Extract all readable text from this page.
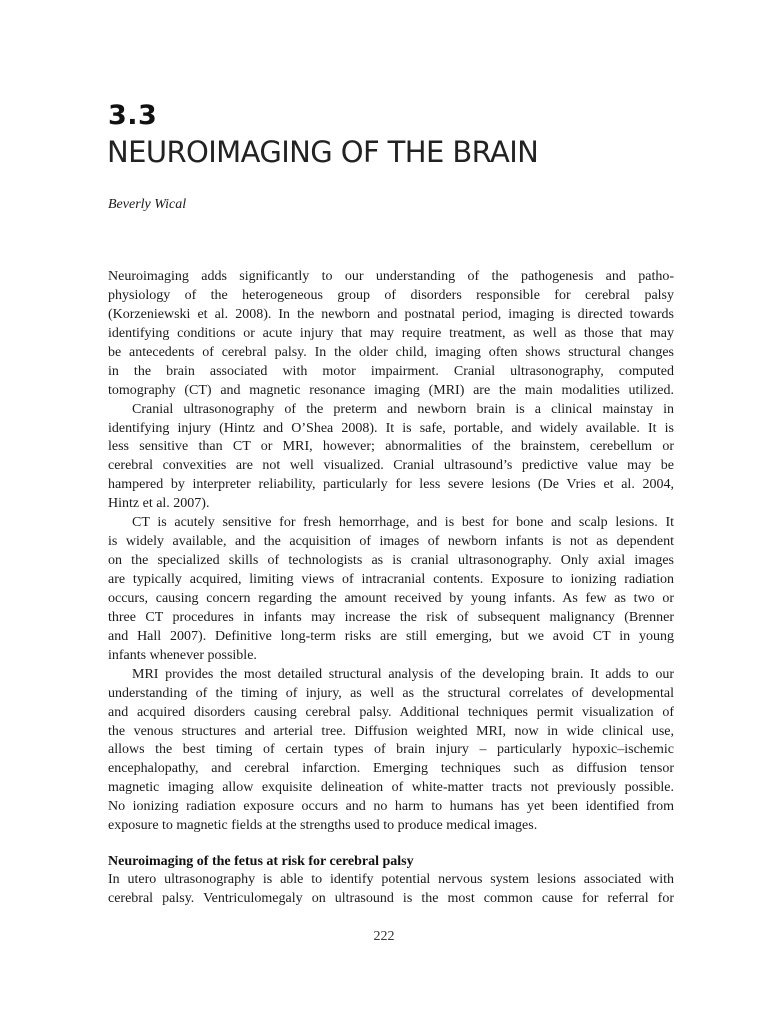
3.3
NEUROIMAGING OF THE BRAIN
Beverly Wical
Neuroimaging adds significantly to our understanding of the pathogenesis and patho-
physiology of the heterogeneous group of disorders responsible for cerebral palsy
(Korzeniewski et al. 2008). In the newborn and postnatal period, imaging is directed towards
identifying conditions or acute injury that may require treatment, as well as those that may
be antecedents of cerebral palsy. In the older child, imaging often shows structural changes
in the brain associated with motor impairment. Cranial ultrasonography, computed
tomography (CT) and magnetic resonance imaging (MRI) are the main modalities utilized.
Cranial ultrasonography of the preterm and newborn brain is a clinical mainstay in
identifying injury (Hintz and O’Shea 2008). It is safe, portable, and widely available. It is
less sensitive than CT or MRI, however; abnormalities of the brainstem, cerebellum or
cerebral convexities are not well visualized. Cranial ultrasound’s predictive value may be
hampered by interpreter reliability, particularly for less severe lesions (De Vries et al. 2004,
Hintz et al. 2007).
CT is acutely sensitive for fresh hemorrhage, and is best for bone and scalp lesions. It
is widely available, and the acquisition of images of newborn infants is not as dependent
on the specialized skills of technologists as is cranial ultrasonography. Only axial images
are typically acquired, limiting views of intracranial contents. Exposure to ionizing radiation
occurs, causing concern regarding the amount received by young infants. As few as two or
three CT procedures in infants may increase the risk of subsequent malignancy (Brenner
and Hall 2007). Definitive long-term risks are still emerging, but we avoid CT in young
infants whenever possible.
MRI provides the most detailed structural analysis of the developing brain. It adds to our
understanding of the timing of injury, as well as the structural correlates of developmental
and acquired disorders causing cerebral palsy. Additional techniques permit visualization of
the venous structures and arterial tree. Diffusion weighted MRI, now in wide clinical use,
allows the best timing of certain types of brain injury – particularly hypoxic–ischemic
encephalopathy, and cerebral infarction. Emerging techniques such as diffusion tensor
magnetic imaging allow exquisite delineation of white-matter tracts not previously possible.
No ionizing radiation exposure occurs and no harm to humans has yet been identified from
exposure to magnetic fields at the strengths used to produce medical images.
Neuroimaging of the fetus at risk for cerebral palsy
In utero ultrasonography is able to identify potential nervous system lesions associated with
cerebral palsy. Ventriculomegaly on ultrasound is the most common cause for referral for
222
